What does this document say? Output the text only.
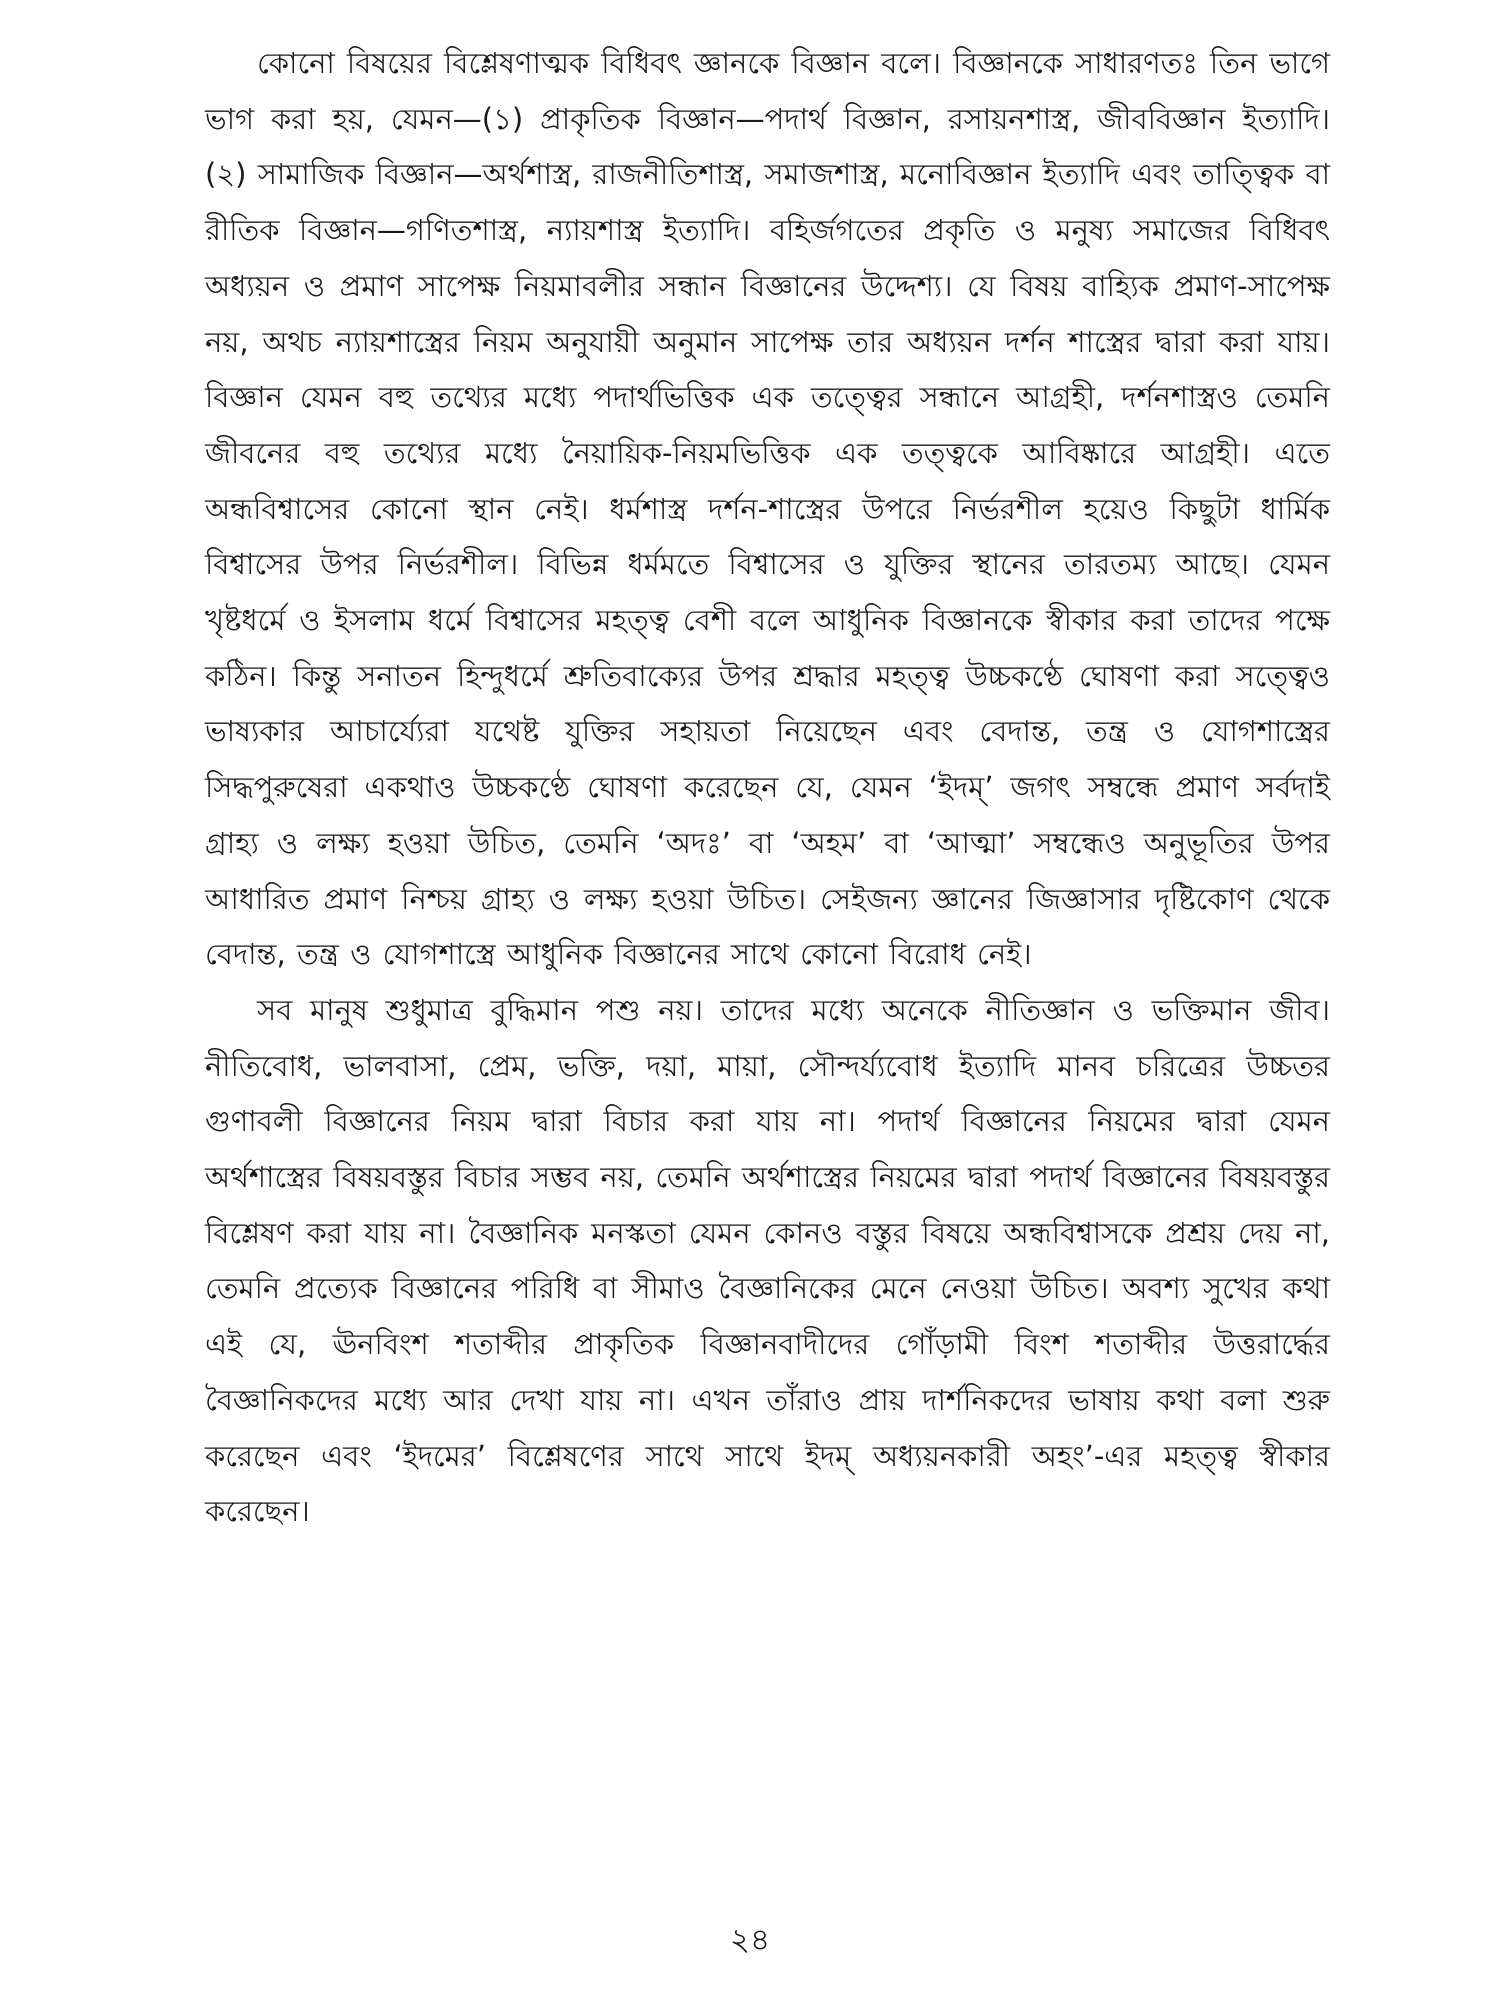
কোনো বিষয়ের বিশ্লেষণাত্মক বিধিবৎ জ্ঞানকে বিজ্ঞান বলে। বিজ্ঞানকে সাধারণতঃ তিন ভাগে ভাগ করা হয়, যেমন—(১) প্রাকৃতিক বিজ্ঞান—পদার্থ বিজ্ঞান, রসায়নশাস্ত্র, জীববিজ্ঞান ইত্যাদি। (২) সামাজিক বিজ্ঞান—অর্থশাস্ত্র, রাজনীতিশাস্ত্র, সমাজশাস্ত্র, মনোবিজ্ঞান ইত্যাদি এবং তাত্ত্বিক বা রীতিক বিজ্ঞান—গণিতশাস্ত্র, ন্যায়শাস্ত্র ইত্যাদি। বহির্জগতের প্রকৃতি ও মনুষ্য সমাজের বিধিবৎ অধ্যয়ন ও প্রমাণ সাপেক্ষ নিয়মাবলীর সন্ধান বিজ্ঞানের উদ্দেশ্য। যে বিষয় বাহ্যিক প্রমাণ-সাপেক্ষ নয়, অথচ ন্যায়শাস্ত্রের নিয়ম অনুযায়ী অনুমান সাপেক্ষ তার অধ্যয়ন দর্শন শাস্ত্রের দ্বারা করা যায়। বিজ্ঞান যেমন বহু তথ্যের মধ্যে পদার্থভিত্তিক এক তত্ত্বের সন্ধানে আগ্রহী, দর্শনশাস্ত্রও তেমনি জীবনের বহু তথ্যের মধ্যে নৈয়ায়িক-নিয়মভিত্তিক এক তত্ত্বকে আবিষ্কারে আগ্রহী। এতে অন্ধবিশ্বাসের কোনো স্থান নেই। ধর্মশাস্ত্র দর্শন-শাস্ত্রের উপরে নির্ভরশীল হয়েও কিছুটা ধার্মিক বিশ্বাসের উপর নির্ভরশীল। বিভিন্ন ধর্মমতে বিশ্বাসের ও যুক্তির স্থানের তারতম্য আছে। যেমন খৃষ্টধর্মে ও ইসলাম ধর্মে বিশ্বাসের মহত্ত্ব বেশী বলে আধুনিক বিজ্ঞানকে স্বীকার করা তাদের পক্ষে কঠিন। কিন্তু সনাতন হিন্দুধর্মে শ্রুতিবাক্যের উপর শ্রদ্ধার মহত্ত্ব উচ্চকণ্ঠে ঘোষণা করা সত্ত্বেও ভাষ্যকার আচার্য্যেরা যথেষ্ট যুক্তির সহায়তা নিয়েছেন এবং বেদান্ত, তন্ত্র ও যোগশাস্ত্রের সিদ্ধপুরুষেরা একথাও উচ্চকণ্ঠে ঘোষণা করেছেন যে, যেমন ‘ইদম্’ জগৎ সম্বন্ধে প্রমাণ সর্বদাই গ্রাহ্য ও লক্ষ্য হওয়া উচিত, তেমনি ‘অদঃ’ বা ‘অহম’ বা ‘আত্মা’ সম্বন্ধেও অনুভূতির উপর আধারিত প্রমাণ নিশ্চয় গ্রাহ্য ও লক্ষ্য হওয়া উচিত। সেইজন্য জ্ঞানের জিজ্ঞাসার দৃষ্টিকোণ থেকে বেদান্ত, তন্ত্র ও যোগশাস্ত্রে আধুনিক বিজ্ঞানের সাথে কোনো বিরোধ নেই।

সব মানুষ শুধুমাত্র বুদ্ধিমান পশু নয়। তাদের মধ্যে অনেকে নীতিজ্ঞান ও ভক্তিমান জীব। নীতিবোধ, ভালবাসা, প্রেম, ভক্তি, দয়া, মায়া, সৌন্দর্য্যবোধ ইত্যাদি মানব চরিত্রের উচ্চতর গুণাবলী বিজ্ঞানের নিয়ম দ্বারা বিচার করা যায় না। পদার্থ বিজ্ঞানের নিয়মের দ্বারা যেমন অর্থশাস্ত্রের বিষয়বস্তুর বিচার সম্ভব নয়, তেমনি অর্থশাস্ত্রের নিয়মের দ্বারা পদার্থ বিজ্ঞানের বিষয়বস্তুর বিশ্লেষণ করা যায় না। বৈজ্ঞানিক মনস্কতা যেমন কোনও বস্তুর বিষয়ে অন্ধবিশ্বাসকে প্রশ্রয় দেয় না, তেমনি প্রত্যেক বিজ্ঞানের পরিধি বা সীমাও বৈজ্ঞানিকের মেনে নেওয়া উচিত। অবশ্য সুখের কথা এই যে, ঊনবিংশ শতাব্দীর প্রাকৃতিক বিজ্ঞানবাদীদের গোঁড়ামী বিংশ শতাব্দীর উত্তরার্দ্ধের বৈজ্ঞানিকদের মধ্যে আর দেখা যায় না। এখন তাঁরাও প্রায় দার্শনিকদের ভাষায় কথা বলা শুরু করেছেন এবং ‘ইদমের’ বিশ্লেষণের সাথে সাথে ইদম্ অধ্যয়নকারী অহং’-এর মহত্ত্ব স্বীকার করেছেন।

২৪
